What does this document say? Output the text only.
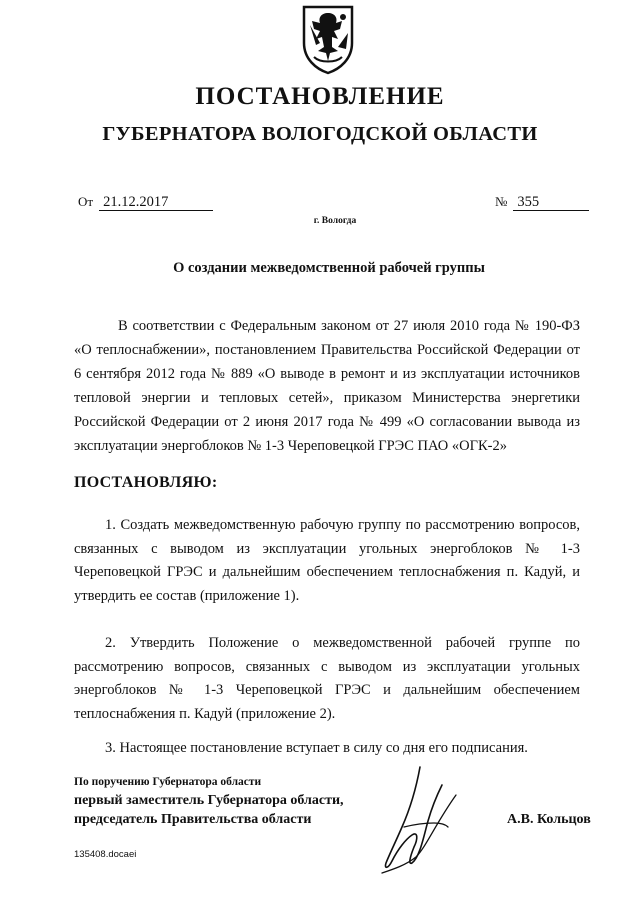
ПОСТАНОВЛЕНИЕ
ГУБЕРНАТОРА ВОЛОГОДСКОЙ ОБЛАСТИ
От 21.12.2017	№ 355
г. Вологда
О создании межведомственной рабочей группы
В соответствии с Федеральным законом от 27 июля 2010 года № 190-ФЗ «О теплоснабжении», постановлением Правительства Российской Федерации от 6 сентября 2012 года № 889 «О выводе в ремонт и из эксплуатации источников тепловой энергии и тепловых сетей», приказом Министерства энергетики Российской Федерации от 2 июня 2017 года № 499 «О согласовании вывода из эксплуатации энергоблоков № 1-3 Череповецкой ГРЭС ПАО «ОГК-2»
ПОСТАНОВЛЯЮ:
1. Создать межведомственную рабочую группу по рассмотрению вопросов, связанных с выводом из эксплуатации угольных энергоблоков № 1-3 Череповецкой ГРЭС и дальнейшим обеспечением теплоснабжения п. Кадуй, и утвердить ее состав (приложение 1).
2. Утвердить Положение о межведомственной рабочей группе по рассмотрению вопросов, связанных с выводом из эксплуатации угольных энергоблоков № 1-3 Череповецкой ГРЭС и дальнейшим обеспечением теплоснабжения п. Кадуй (приложение 2).
3. Настоящее постановление вступает в силу со дня его подписания.
По поручению Губернатора области
первый заместитель Губернатора области,
председатель Правительства области	А.В. Кольцов
135408.docaei
